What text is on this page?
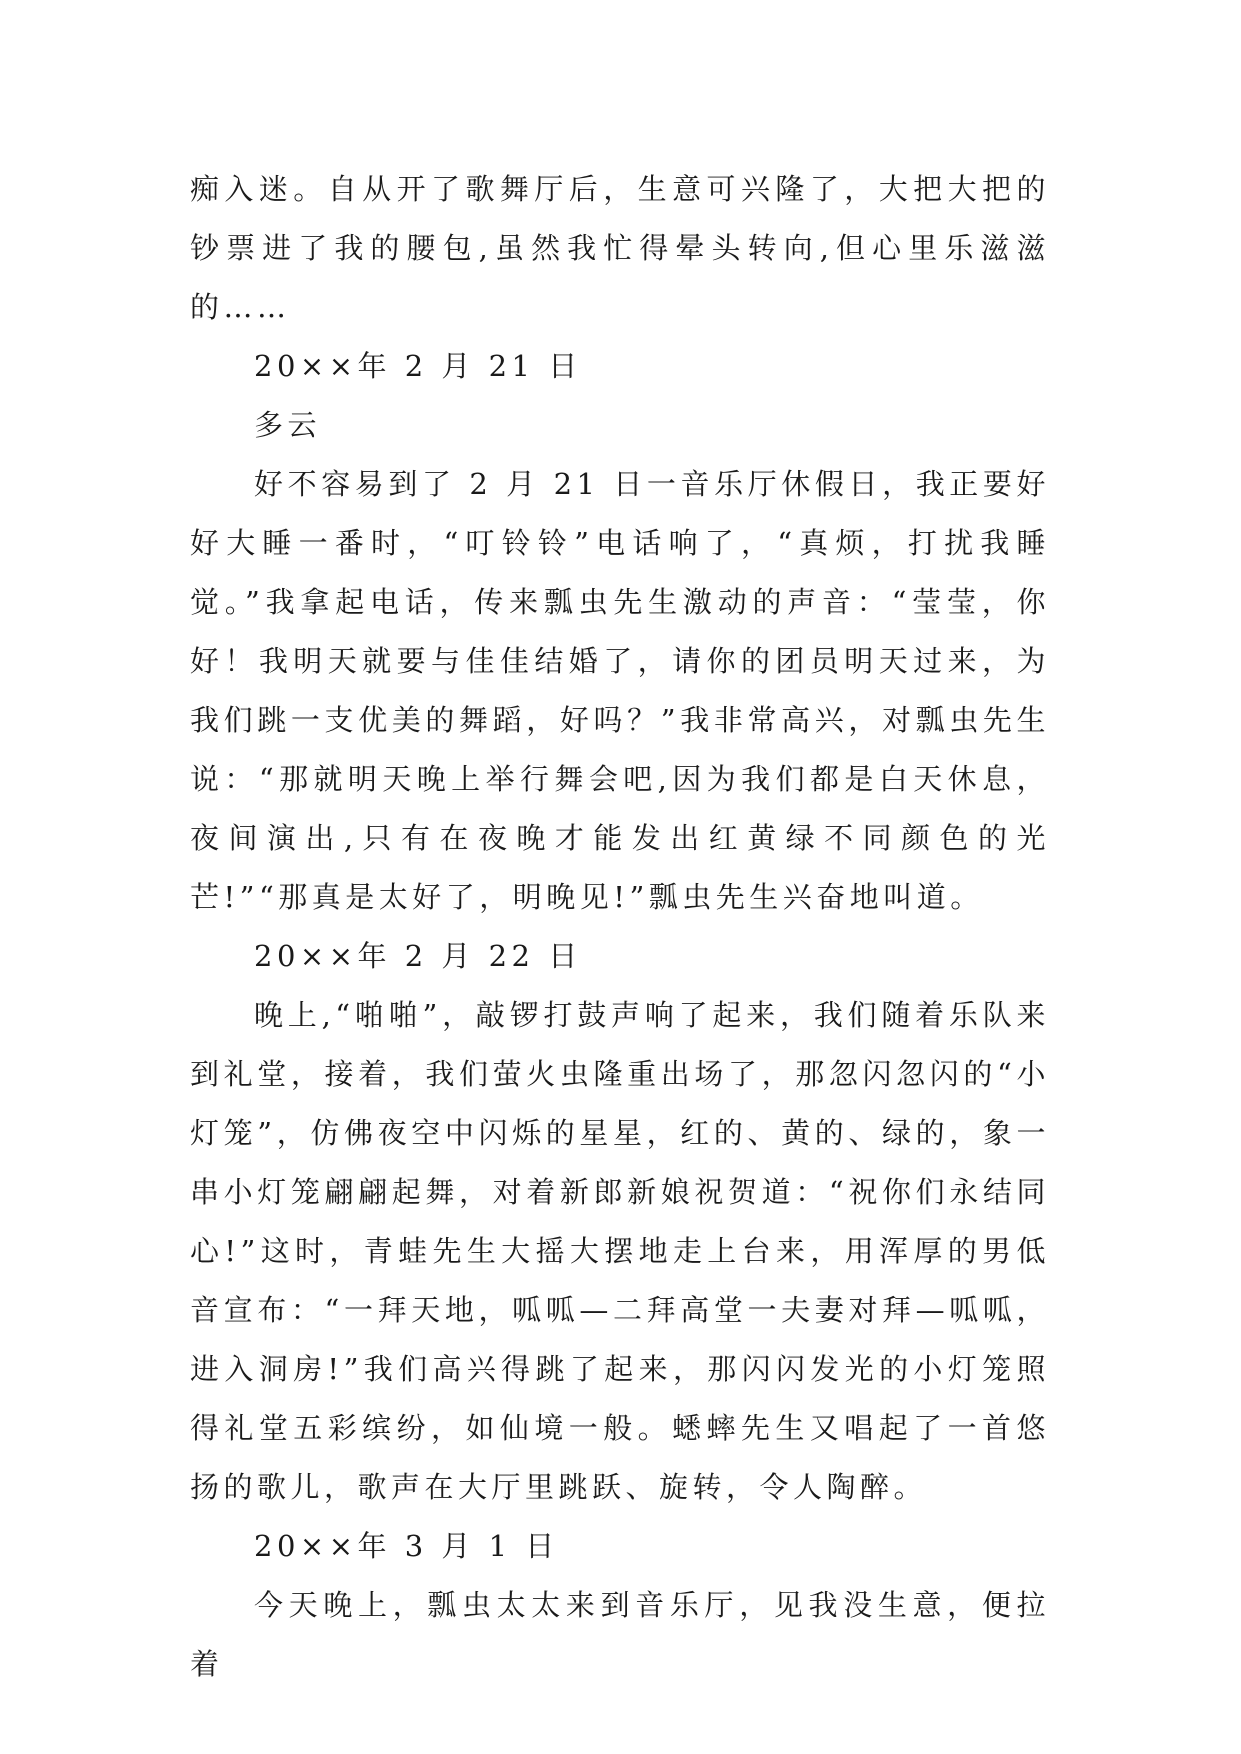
痴入迷。自从开了歌舞厅后，生意可兴隆了，大把大把的钞票进了我的腰包,虽然我忙得晕头转向,但心里乐滋滋的……

20××年 2 月 21 日

多云

好不容易到了 2 月 21 日一音乐厅休假日，我正要好好大睡一番时，“叮铃铃”电话响了，“真烦，打扰我睡觉。”我拿起电话，传来瓢虫先生激动的声音：“莹莹，你好！我明天就要与佳佳结婚了，请你的团员明天过来，为我们跳一支优美的舞蹈，好吗？”我非常高兴，对瓢虫先生说：“那就明天晚上举行舞会吧,因为我们都是白天休息，夜间演出,只有在夜晚才能发出红黄绿不同颜色的光芒!”“那真是太好了，明晚见!”瓢虫先生兴奋地叫道。

20××年 2 月 22 日

晚上,“啪啪”，敲锣打鼓声响了起来，我们随着乐队来到礼堂，接着，我们萤火虫隆重出场了，那忽闪忽闪的“小灯笼”，仿佛夜空中闪烁的星星，红的、黄的、绿的，象一串小灯笼翩翩起舞，对着新郎新娘祝贺道：“祝你们永结同心!”这时，青蛙先生大摇大摆地走上台来，用浑厚的男低音宣布：“一拜天地，呱呱—二拜高堂一夫妻对拜—呱呱，进入洞房!”我们高兴得跳了起来，那闪闪发光的小灯笼照得礼堂五彩缤纷，如仙境一般。蟋蟀先生又唱起了一首悠扬的歌儿，歌声在大厅里跳跃、旋转，令人陶醉。

20××年 3 月 1 日

今天晚上，瓢虫太太来到音乐厅，见我没生意，便拉着
